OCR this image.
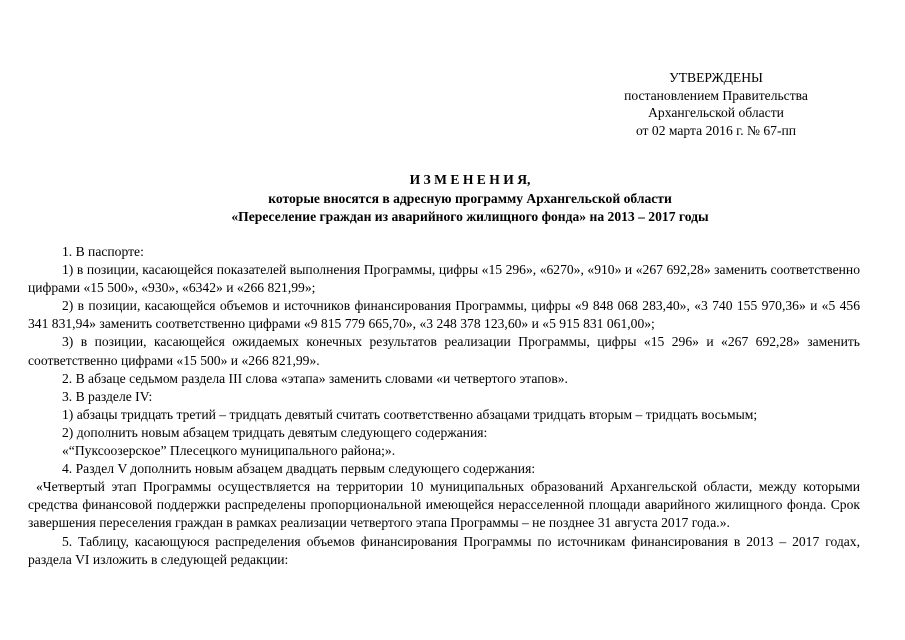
УТВЕРЖДЕНЫ
постановлением Правительства
Архангельской области
от 02 марта 2016 г. № 67-пп
И З М Е Н Е Н И Я,
которые вносятся в адресную программу Архангельской области
«Переселение граждан из аварийного жилищного фонда» на 2013 – 2017 годы

1. В паспорте:

1) в позиции, касающейся показателей выполнения Программы, цифры «15 296», «6270», «910» и «267 692,28» заменить соответственно цифрами «15 500», «930», «6342» и «266 821,99»;

2) в позиции, касающейся объемов и источников финансирования Программы, цифры «9 848 068 283,40», «3 740 155 970,36» и «5 456 341 831,94» заменить соответственно цифрами «9 815 779 665,70», «3 248 378 123,60» и «5 915 831 061,00»;

3) в позиции, касающейся ожидаемых конечных результатов реализации Программы, цифры «15 296» и «267 692,28» заменить соответственно цифрами «15 500» и «266 821,99».

2. В абзаце седьмом раздела III слова «этапа» заменить словами «и четвертого этапов».

3. В разделе IV:

1) абзацы тридцать третий – тридцать девятый считать соответственно абзацами тридцать вторым – тридцать восьмым;

2) дополнить новым абзацем тридцать девятым следующего содержания:

«“Пуксоозерское” Плесецкого муниципального района;».

4. Раздел V дополнить новым абзацем двадцать первым следующего содержания:

«Четвертый этап Программы осуществляется на территории 10 муниципальных образований Архангельской области, между которыми средства финансовой поддержки распределены пропорциональной имеющейся нерасселенной площади аварийного жилищного фонда. Срок завершения переселения граждан в рамках реализации четвертого этапа Программы – не позднее 31 августа 2017 года.».

5. Таблицу, касающуюся распределения объемов финансирования Программы по источникам финансирования в 2013 – 2017 годах, раздела VI изложить в следующей редакции:
